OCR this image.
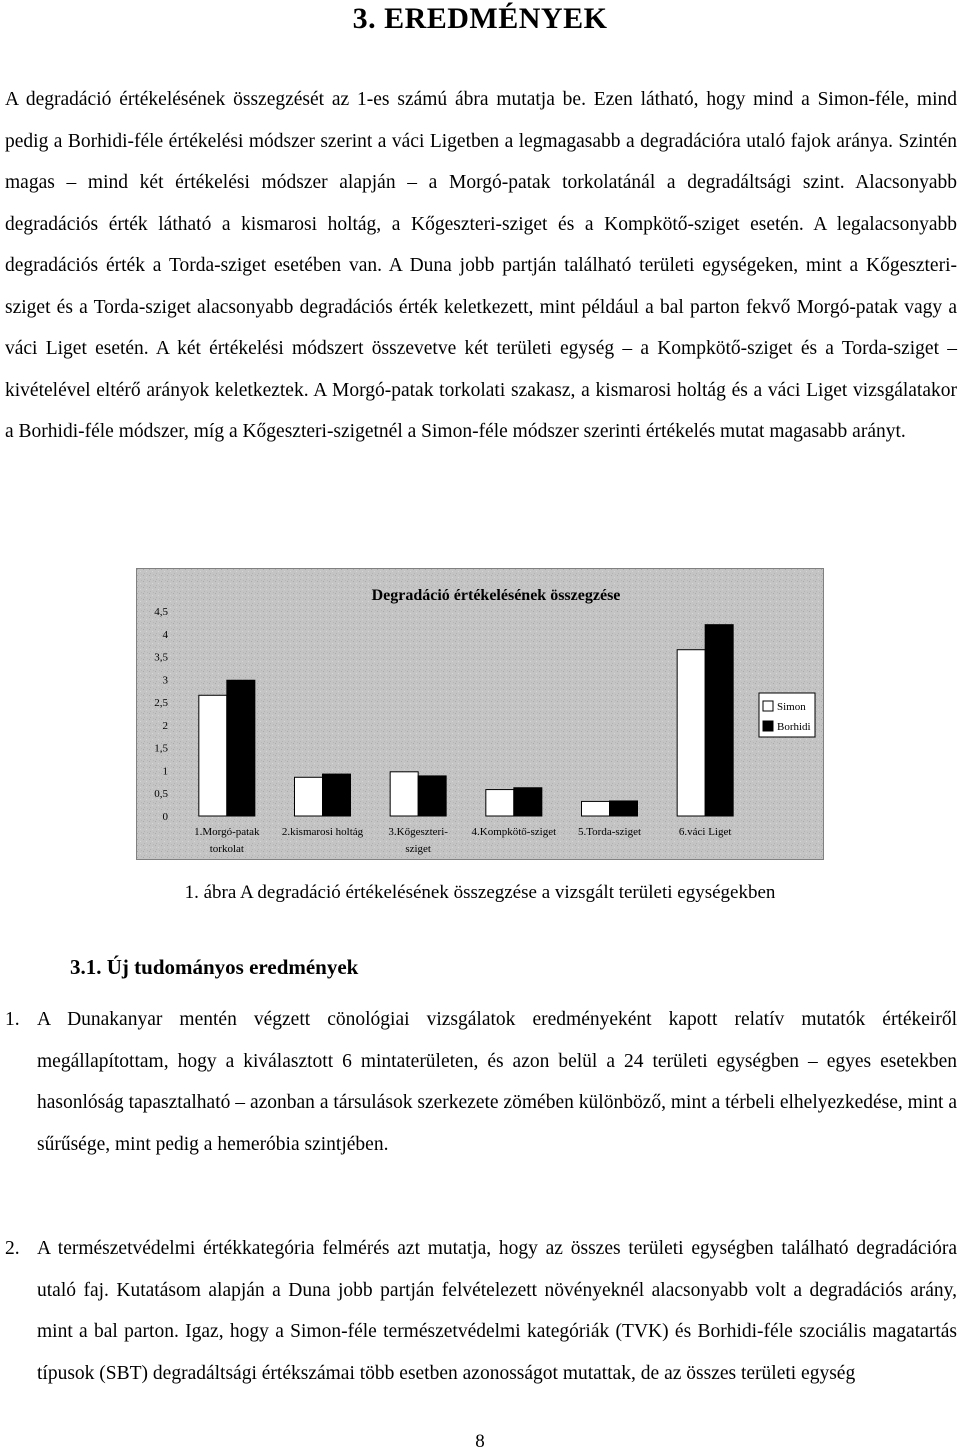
3. EREDMÉNYEK

A degradáció értékelésének összegzését az 1-es számú ábra mutatja be. Ezen látható, hogy mind a Simon-féle, mind pedig a Borhidi-féle értékelési módszer szerint a váci Ligetben a legmagasabb a degradációra utaló fajok aránya. Szintén magas – mind két értékelési módszer alapján – a Morgó-patak torkolatánál a degradáltsági szint. Alacsonyabb degradációs érték látható a kismarosi holtág, a Kőgeszteri-sziget és a Kompkötő-sziget esetén. A legalacsonyabb degradációs érték a Torda-sziget esetében van. A Duna jobb partján található területi egységeken, mint a Kőgeszteri-sziget és a Torda-sziget alacsonyabb degradációs érték keletkezett, mint például a bal parton fekvő Morgó-patak vagy a váci Liget esetén. A két értékelési módszert összevetve két területi egység – a Kompkötő-sziget és a Torda-sziget – kivételével eltérő arányok keletkeztek. A Morgó-patak torkolati szakasz, a kismarosi holtág és a váci Liget vizsgálatakor a Borhidi-féle módszer, míg a Kőgeszteri-szigetnél a Simon-féle módszer szerinti értékelés mutat magasabb arányt.

Degradáció értékelésének összegzése
0
0,5
1
1,5
2
2,5
3
3,5
4
4,5
1.Morgó-patak torkolat
2.kismarosi holtág 3.Kőgeszteri-sziget
4.Kompkötő-sziget 5.Torda-sziget	6.váci Liget
Simon
Borhidi
1. ábra A degradáció értékelésének összegzése a vizsgált területi egységekben
3.1. Új tudományos eredmények
1. A Dunakanyar mentén végzett cönológiai vizsgálatok eredményeként kapott relatív mutatók értékeiről megállapítottam, hogy a kiválasztott 6 mintaterületen, és azon belül a 24 területi egységben – egyes esetekben hasonlóság tapasztalható – azonban a társulások szerkezete zömében különböző, mint a térbeli elhelyezkedése, mint a sűrűsége, mint pedig a hemeróbia szintjében.

2. A természetvédelmi értékkategória felmérés azt mutatja, hogy az összes területi egységben található degradációra utaló faj. Kutatásom alapján a Duna jobb partján felvételezett növényeknél alacsonyabb volt a degradációs arány, mint a bal parton. Igaz, hogy a Simon-féle természetvédelmi kategóriák (TVK) és Borhidi-féle szociális magatartás típusok (SBT) degradáltsági értékszámai több esetben azonosságot mutattak, de az összes területi egység

8
